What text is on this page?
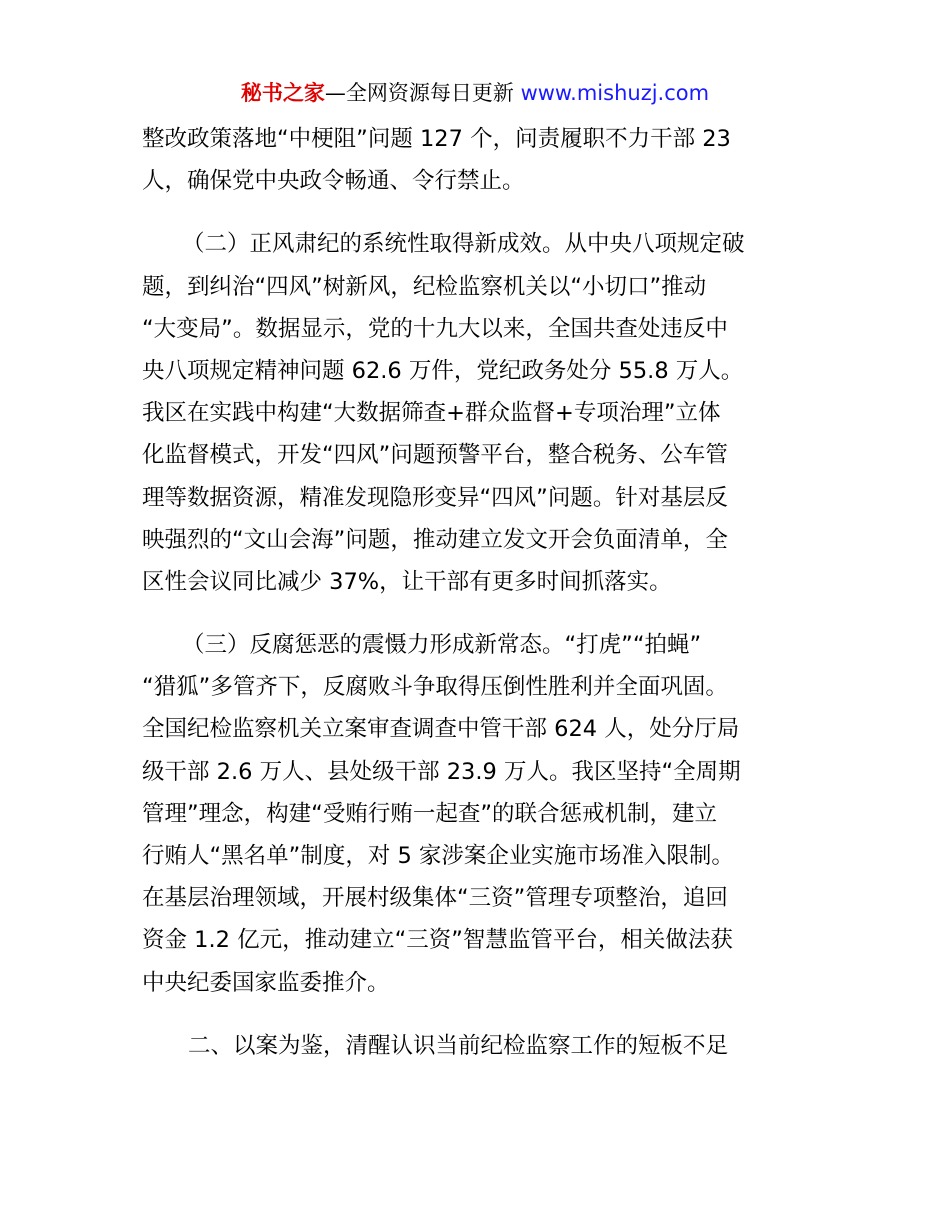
秘书之家—全网资源每日更新 www.mishuzj.com
整改政策落地“中梗阻”问题 127 个，问责履职不力干部 23
人，确保党中央政令畅通、令行禁止。
（二）正风肃纪的系统性取得新成效。从中央八项规定破
题，到纠治“四风”树新风，纪检监察机关以“小切口”推动
“大变局”。数据显示，党的十九大以来，全国共查处违反中
央八项规定精神问题 62.6 万件，党纪政务处分 55.8 万人。
我区在实践中构建“大数据筛查+群众监督+专项治理”立体
化监督模式，开发“四风”问题预警平台，整合税务、公车管
理等数据资源，精准发现隐形变异“四风”问题。针对基层反
映强烈的“文山会海”问题，推动建立发文开会负面清单，全
区性会议同比减少 37%，让干部有更多时间抓落实。
（三）反腐惩恶的震慑力形成新常态。“打虎”“拍蝇”
“猎狐”多管齐下，反腐败斗争取得压倒性胜利并全面巩固。
全国纪检监察机关立案审查调查中管干部 624 人，处分厅局
级干部 2.6 万人、县处级干部 23.9 万人。我区坚持“全周期
管理”理念，构建“受贿行贿一起查”的联合惩戒机制，建立
行贿人“黑名单”制度，对 5 家涉案企业实施市场准入限制。
在基层治理领域，开展村级集体“三资”管理专项整治，追回
资金 1.2 亿元，推动建立“三资”智慧监管平台，相关做法获
中央纪委国家监委推介。
二、以案为鉴，清醒认识当前纪检监察工作的短板不足
